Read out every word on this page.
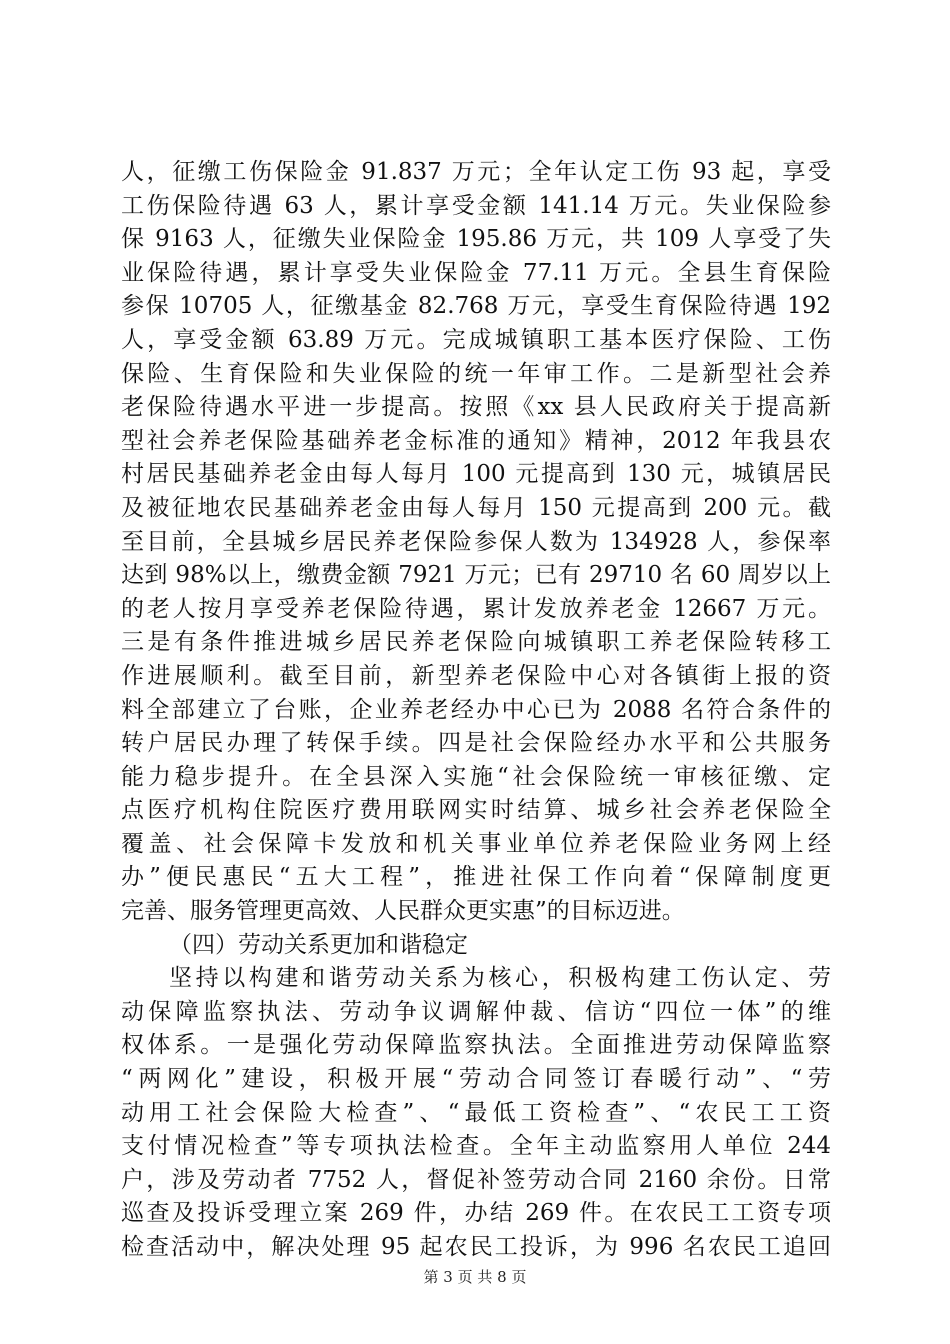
人，征缴工伤保险金 91.837 万元；全年认定工伤 93 起，享受
工伤保险待遇 63 人，累计享受金额 141.14 万元。失业保险参
保 9163 人，征缴失业保险金 195.86 万元，共 109 人享受了失
业保险待遇，累计享受失业保险金 77.11 万元。全县生育保险
参保 10705 人，征缴基金 82.768 万元，享受生育保险待遇 192
人，享受金额 63.89 万元。完成城镇职工基本医疗保险、工伤
保险、生育保险和失业保险的统一年审工作。二是新型社会养
老保险待遇水平进一步提高。按照《xx 县人民政府关于提高新
型社会养老保险基础养老金标准的通知》精神，2012 年我县农
村居民基础养老金由每人每月 100 元提高到 130 元，城镇居民
及被征地农民基础养老金由每人每月 150 元提高到 200 元。截
至目前，全县城乡居民养老保险参保人数为 134928 人，参保率
达到 98%以上，缴费金额 7921 万元；已有 29710 名 60 周岁以上
的老人按月享受养老保险待遇，累计发放养老金 12667 万元。
三是有条件推进城乡居民养老保险向城镇职工养老保险转移工
作进展顺利。截至目前，新型养老保险中心对各镇街上报的资
料全部建立了台账，企业养老经办中心已为 2088 名符合条件的
转户居民办理了转保手续。四是社会保险经办水平和公共服务
能力稳步提升。在全县深入实施“社会保险统一审核征缴、定
点医疗机构住院医疗费用联网实时结算、城乡社会养老保险全
覆盖、社会保障卡发放和机关事业单位养老保险业务网上经
办”便民惠民“五大工程”，推进社保工作向着“保障制度更
完善、服务管理更高效、人民群众更实惠”的目标迈进。
（四）劳动关系更加和谐稳定
坚持以构建和谐劳动关系为核心，积极构建工伤认定、劳
动保障监察执法、劳动争议调解仲裁、信访“四位一体”的维
权体系。一是强化劳动保障监察执法。全面推进劳动保障监察
“两网化”建设，积极开展“劳动合同签订春暖行动”、“劳
动用工社会保险大检查”、“最低工资检查”、“农民工工资
支付情况检查”等专项执法检查。全年主动监察用人单位 244
户，涉及劳动者 7752 人，督促补签劳动合同 2160 余份。日常
巡查及投诉受理立案 269 件，办结 269 件。在农民工工资专项
检查活动中，解决处理 95 起农民工投诉，为 996 名农民工追回
第 3 页 共 8 页
